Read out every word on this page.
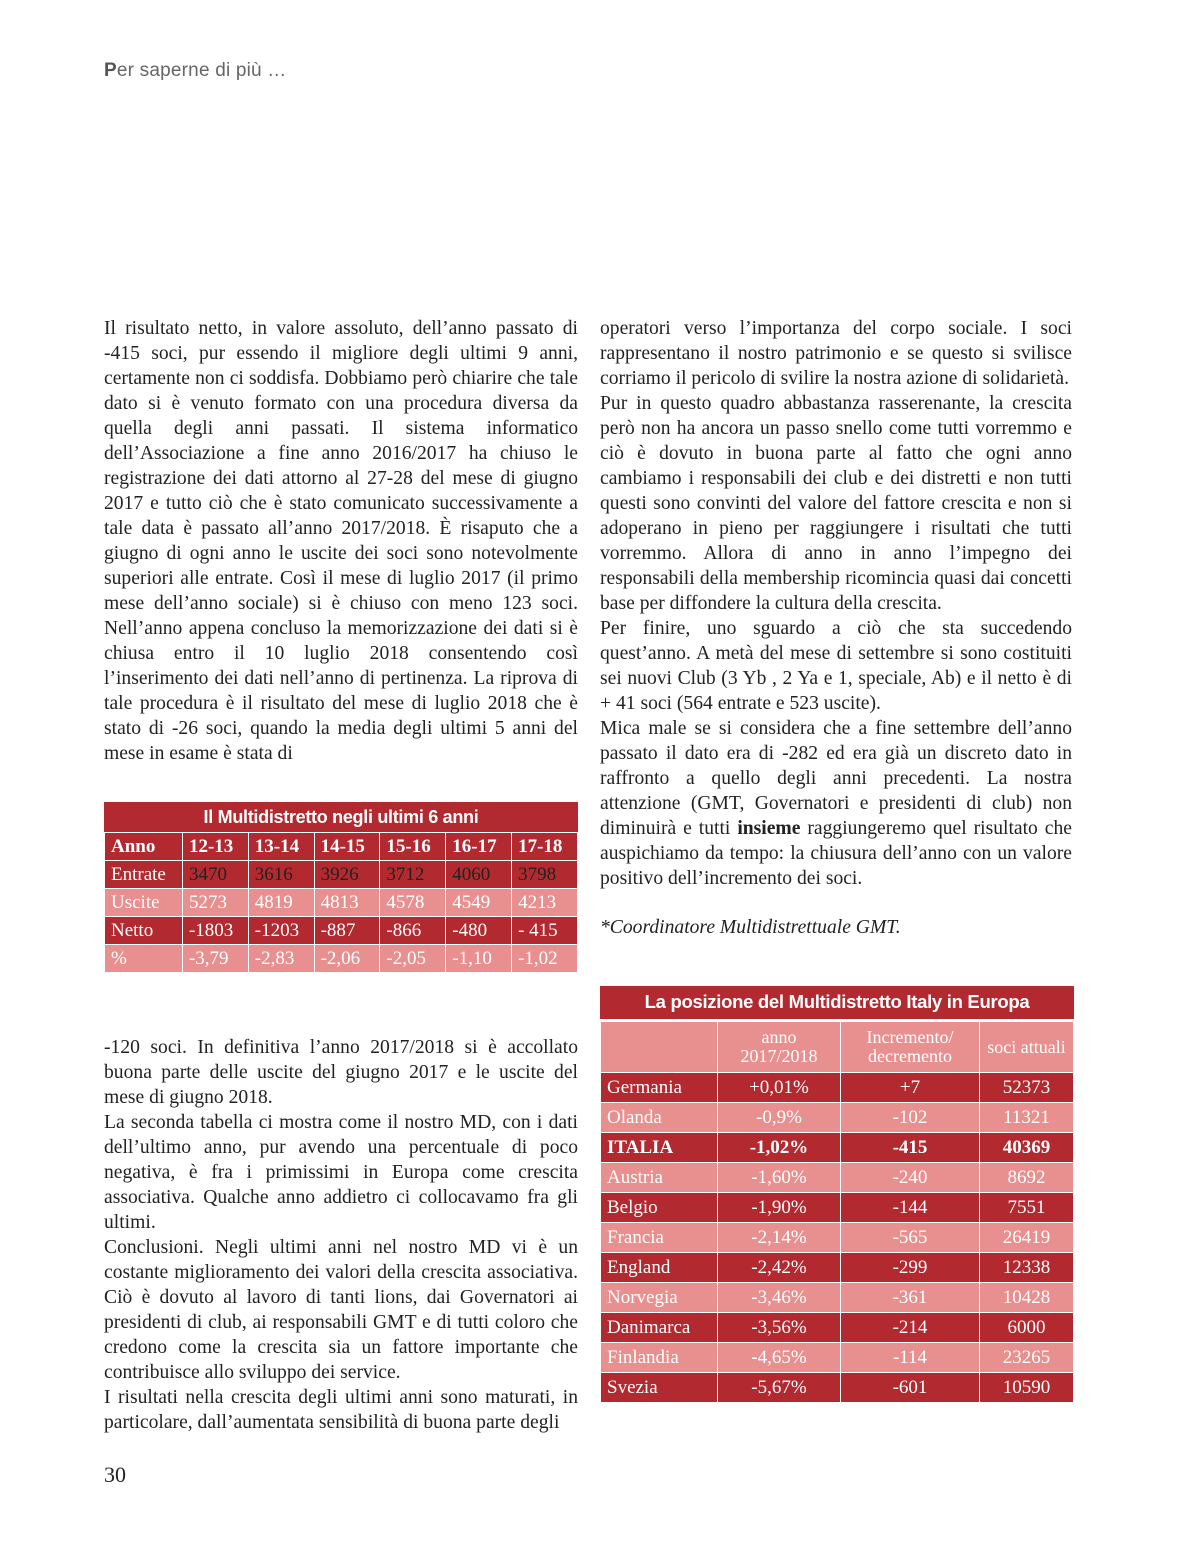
Per saperne di più …

Il risultato netto, in valore assoluto, dell’anno passato di -415 soci, pur essendo il migliore degli ultimi 9 anni, certamente non ci soddisfa. Dobbiamo però chiarire che tale dato si è venuto formato con una procedura diversa da quella degli anni passati. Il sistema informatico dell’Associazione a fine anno 2016/2017 ha chiuso le registrazione dei dati attorno al 27-28 del mese di giugno 2017 e tutto ciò che è stato comunicato successivamente a tale data è passato all’anno 2017/2018. È risaputo che a giugno di ogni anno le uscite dei soci sono notevolmente superiori alle entrate. Così il mese di luglio 2017 (il primo mese dell’anno sociale) si è chiuso con meno 123 soci. Nell’anno appena concluso la memorizzazione dei dati si è chiusa entro il 10 luglio 2018 consentendo così l’inserimento dei dati nell’anno di pertinenza. La riprova di tale procedura è il risultato del mese di luglio 2018 che è stato di -26 soci, quando la media degli ultimi 5 anni del mese in esame è stata di

Il Multidistretto negli ultimi 6 anni
Anno	12-13	13-14	14-15	15-16	16-17	17-18
Entrate	3470	3616	3926	3712	4060	3798
Uscite	5273	4819	4813	4578	4549	4213
Netto	-1803	-1203	-887	-866	-480	- 415
%	-3,79	-2,83	-2,06	-2,05	-1,10	-1,02

-120 soci. In definitiva l’anno 2017/2018 si è accollato buona parte delle uscite del giugno 2017 e le uscite del mese di giugno 2018.

La seconda tabella ci mostra come il nostro MD, con i dati dell’ultimo anno, pur avendo una percentuale di poco negativa, è fra i primissimi in Europa come crescita associativa. Qualche anno addietro ci collocavamo fra gli ultimi.

Conclusioni. Negli ultimi anni nel nostro MD vi è un costante miglioramento dei valori della crescita associativa. Ciò è dovuto al lavoro di tanti lions, dai Governatori ai presidenti di club, ai responsabili GMT e di tutti coloro che credono come la crescita sia un fattore importante che contribuisce allo sviluppo dei service.

I risultati nella crescita degli ultimi anni sono maturati, in particolare, dall’aumentata sensibilità di buona parte degli

operatori verso l’importanza del corpo sociale. I soci rappresentano il nostro patrimonio e se questo si svilisce corriamo il pericolo di svilire la nostra azione di solidarietà.

Pur in questo quadro abbastanza rasserenante, la crescita però non ha ancora un passo snello come tutti vorremmo e ciò è dovuto in buona parte al fatto che ogni anno cambiamo i responsabili dei club e dei distretti e non tutti questi sono convinti del valore del fattore crescita e non si adoperano in pieno per raggiungere i risultati che tutti vorremmo. Allora di anno in anno l’impegno dei responsabili della membership ricomincia quasi dai concetti base per diffondere la cultura della crescita.

Per finire, uno sguardo a ciò che sta succedendo quest’anno. A metà del mese di settembre si sono costituiti sei nuovi Club (3 Yb , 2 Ya e 1, speciale, Ab) e il netto è di + 41 soci (564 entrate e 523 uscite).

Mica male se si considera che a fine settembre dell’anno passato il dato era di -282 ed era già un discreto dato in raffronto a quello degli anni precedenti. La nostra attenzione (GMT, Governatori e presidenti di club) non diminuirà e tutti insieme raggiungeremo quel risultato che auspichiamo da tempo: la chiusura dell’anno con un valore positivo dell’incremento dei soci.

*Coordinatore Multidistrettuale GMT.

La posizione del Multidistretto Italy in Europa
	anno 2017/2018	Incremento/ decremento	soci attuali
Germania	+0,01%	+7	52373
Olanda	-0,9%	-102	11321
ITALIA	-1,02%	-415	40369
Austria	-1,60%	-240	8692
Belgio	-1,90%	-144	7551
Francia	-2,14%	-565	26419
England	-2,42%	-299	12338
Norvegia	-3,46%	-361	10428
Danimarca	-3,56%	-214	6000
Finlandia	-4,65%	-114	23265
Svezia	-5,67%	-601	10590
30
